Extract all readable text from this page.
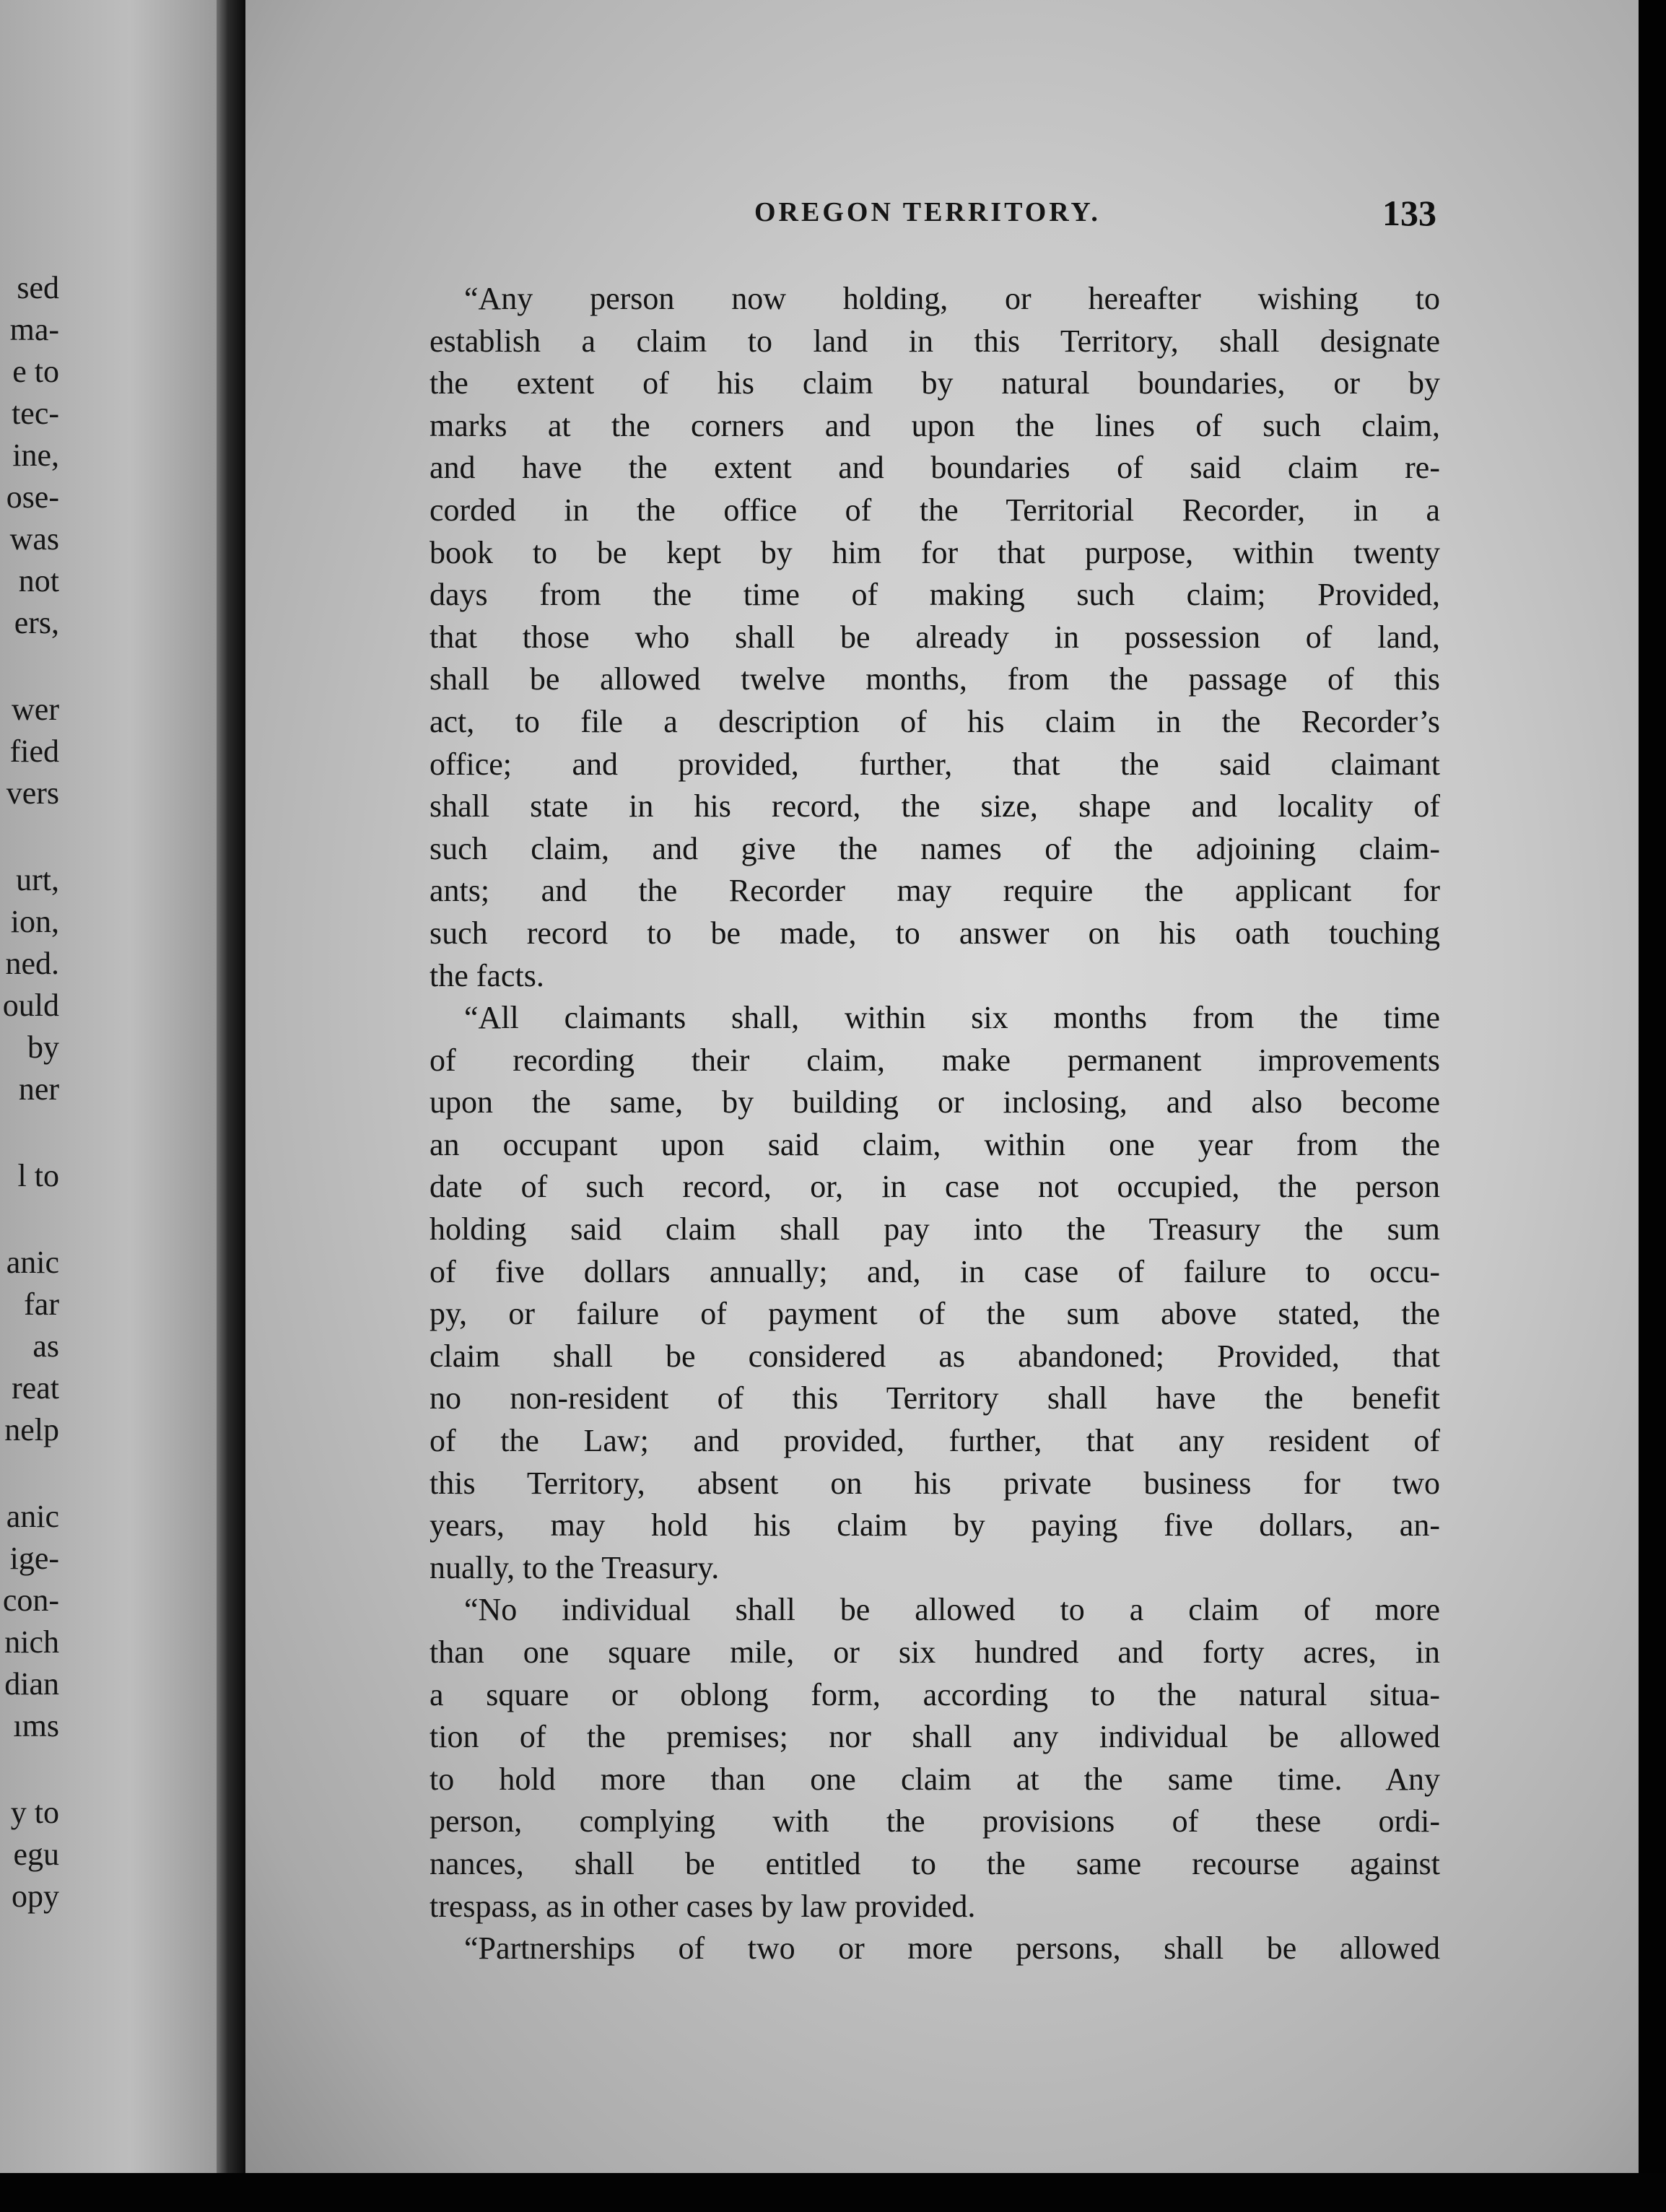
sed
ma-
e to
tec-
ine,
ose-
was
not
ers,
wer
fied
vers
urt,
ion,
ned.
ould
by
ner
l to
anic
far
as
reat
nelp
anic
ige-
con-
nich
dian
ıms
y to
egu
opy
OREGON TERRITORY.	133
“Any person now holding, or hereafter wishing to
establish a claim to land in this Territory, shall designate
the extent of his claim by natural boundaries, or by
marks at the corners and upon the lines of such claim,
and have the extent and boundaries of said claim re-
corded in the office of the Territorial Recorder, in a
book to be kept by him for that purpose, within twenty
days from the time of making such claim; Provided,
that those who shall be already in possession of land,
shall be allowed twelve months, from the passage of this
act, to file a description of his claim in the Recorder’s
office; and provided, further, that the said claimant
shall state in his record, the size, shape and locality of
such claim, and give the names of the adjoining claim-
ants; and the Recorder may require the applicant for
such record to be made, to answer on his oath touching
the facts.
“All claimants shall, within six months from the time
of recording their claim, make permanent improvements
upon the same, by building or inclosing, and also become
an occupant upon said claim, within one year from the
date of such record, or, in case not occupied, the person
holding said claim shall pay into the Treasury the sum
of five dollars annually; and, in case of failure to occu-
py, or failure of payment of the sum above stated, the
claim shall be considered as abandoned; Provided, that
no non-resident of this Territory shall have the benefit
of the Law; and provided, further, that any resident of
this Territory, absent on his private business for two
years, may hold his claim by paying five dollars, an-
nually, to the Treasury.
“No individual shall be allowed to a claim of more
than one square mile, or six hundred and forty acres, in
a square or oblong form, according to the natural situa-
tion of the premises; nor shall any individual be allowed
to hold more than one claim at the same time. Any
person, complying with the provisions of these ordi-
nances, shall be entitled to the same recourse against
trespass, as in other cases by law provided.
“Partnerships of two or more persons, shall be allowed
